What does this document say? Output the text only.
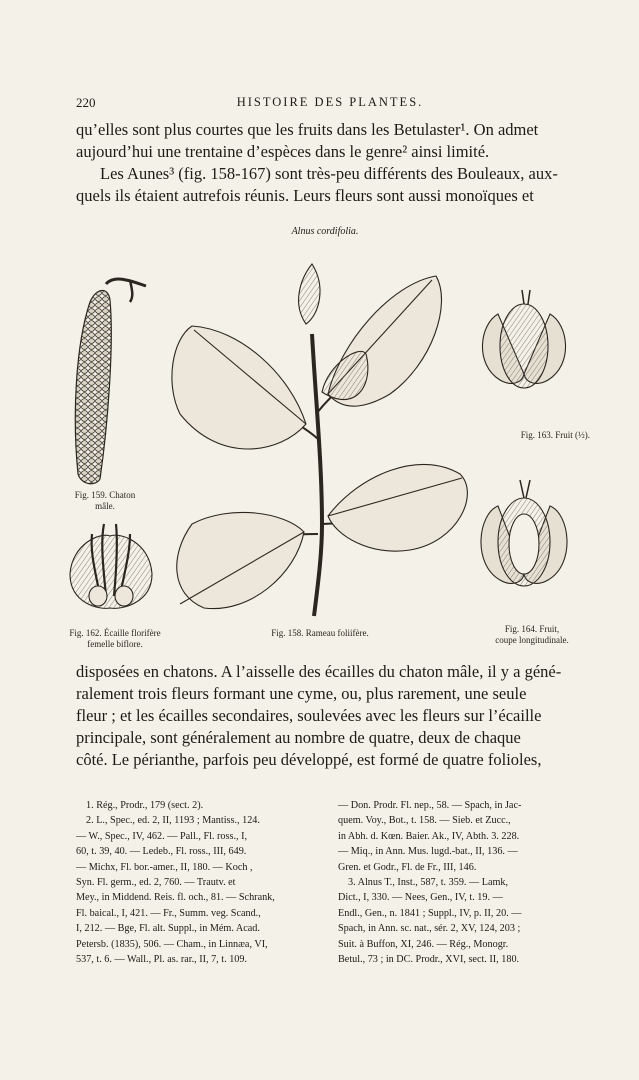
220	HISTOIRE DES PLANTES.

qu’elles sont plus courtes que les fruits dans les Betulaster¹. On admet
aujourd’hui une trentaine d’espèces dans le genre² ainsi limité.
Les Aunes³ (fig. 158-167) sont très-peu différents des Bouleaux, aux-
quels ils étaient autrefois réunis. Leurs fleurs sont aussi monoïques et

Alnus cordifolia.
Fig. 159. Chaton
mâle.
Fig. 163. Fruit (½).
Fig. 162. Écaille florifère
femelle biflore.
Fig. 158. Rameau foliifère.	Fig. 164. Fruit,
coupe longitudinale.

disposées en chatons. A l’aisselle des écailles du chaton mâle, il y a géné-
ralement trois fleurs formant une cyme, ou, plus rarement, une seule
fleur ; et les écailles secondaires, soulevées avec les fleurs sur l’écaille
principale, sont généralement au nombre de quatre, deux de chaque
côté. Le périanthe, parfois peu développé, est formé de quatre folioles,

1. Rég., Prodr., 179 (sect. 2).
2. L., Spec., ed. 2, II, 1193 ; Mantiss., 124.
— W., Spec., IV, 462. — Pall., Fl. ross., I,
60, t. 39, 40. — Ledeb., Fl. ross., III, 649.
— Michx, Fl. bor.-amer., II, 180. — Koch ,
Syn. Fl. germ., ed. 2, 760. — Trautv. et
Mey., in Middend. Reis. fl. och., 81. — Schrank,
Fl. baical., I, 421. — Fr., Summ. veg. Scand.,
I, 212. — Bge, Fl. alt. Suppl., in Mém. Acad.
Petersb. (1835), 506. — Cham., in Linnæa, VI,
537, t. 6. — Wall., Pl. as. rar., II, 7, t. 109.
— Don. Prodr. Fl. nep., 58. — Spach, in Jac-
quem. Voy., Bot., t. 158. — Sieb. et Zucc.,
in Abh. d. Kœn. Baier. Ak., IV, Abth. 3. 228.
— Miq., in Ann. Mus. lugd.-bat., II, 136. —
Gren. et Godr., Fl. de Fr., III, 146.
3. Alnus T., Inst., 587, t. 359. — Lamk,
Dict., I, 330. — Nees, Gen., IV, t. 19. —
Endl., Gen., n. 1841 ; Suppl., IV, p. II, 20. —
Spach, in Ann. sc. nat., sér. 2, XV, 124, 203 ;
Suit. à Buffon, XI, 246. — Rég., Monogr.
Betul., 73 ; in DC. Prodr., XVI, sect. II, 180.
